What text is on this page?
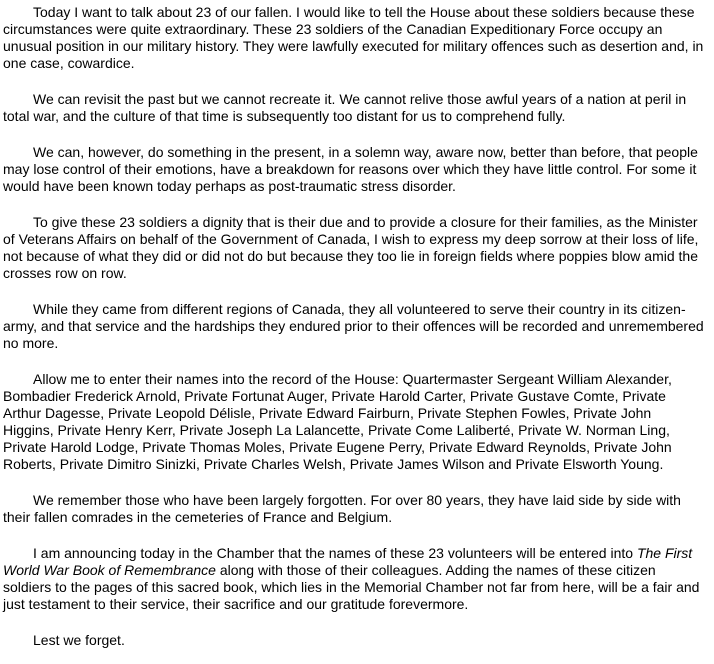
Today I want to talk about 23 of our fallen. I would like to tell the House about these soldiers because these circumstances were quite extraordinary. These 23 soldiers of the Canadian Expeditionary Force occupy an unusual position in our military history. They were lawfully executed for military offences such as desertion and, in one case, cowardice.

We can revisit the past but we cannot recreate it. We cannot relive those awful years of a nation at peril in total war, and the culture of that time is subsequently too distant for us to comprehend fully.

We can, however, do something in the present, in a solemn way, aware now, better than before, that people may lose control of their emotions, have a breakdown for reasons over which they have little control. For some it would have been known today perhaps as post-traumatic stress disorder.

To give these 23 soldiers a dignity that is their due and to provide a closure for their families, as the Minister of Veterans Affairs on behalf of the Government of Canada, I wish to express my deep sorrow at their loss of life, not because of what they did or did not do but because they too lie in foreign fields where poppies blow amid the crosses row on row.

While they came from different regions of Canada, they all volunteered to serve their country in its citizen-army, and that service and the hardships they endured prior to their offences will be recorded and unremembered no more.

Allow me to enter their names into the record of the House: Quartermaster Sergeant William Alexander, Bombadier Frederick Arnold, Private Fortunat Auger, Private Harold Carter, Private Gustave Comte, Private Arthur Dagesse, Private Leopold Délisle, Private Edward Fairburn, Private Stephen Fowles, Private John Higgins, Private Henry Kerr, Private Joseph La Lalancette, Private Come Laliberté, Private W. Norman Ling, Private Harold Lodge, Private Thomas Moles, Private Eugene Perry, Private Edward Reynolds, Private John Roberts, Private Dimitro Sinizki, Private Charles Welsh, Private James Wilson and Private Elsworth Young.

We remember those who have been largely forgotten. For over 80 years, they have laid side by side with their fallen comrades in the cemeteries of France and Belgium.

I am announcing today in the Chamber that the names of these 23 volunteers will be entered into The First World War Book of Remembrance along with those of their colleagues. Adding the names of these citizen soldiers to the pages of this sacred book, which lies in the Memorial Chamber not far from here, will be a fair and just testament to their service, their sacrifice and our gratitude forevermore.

Lest we forget.
